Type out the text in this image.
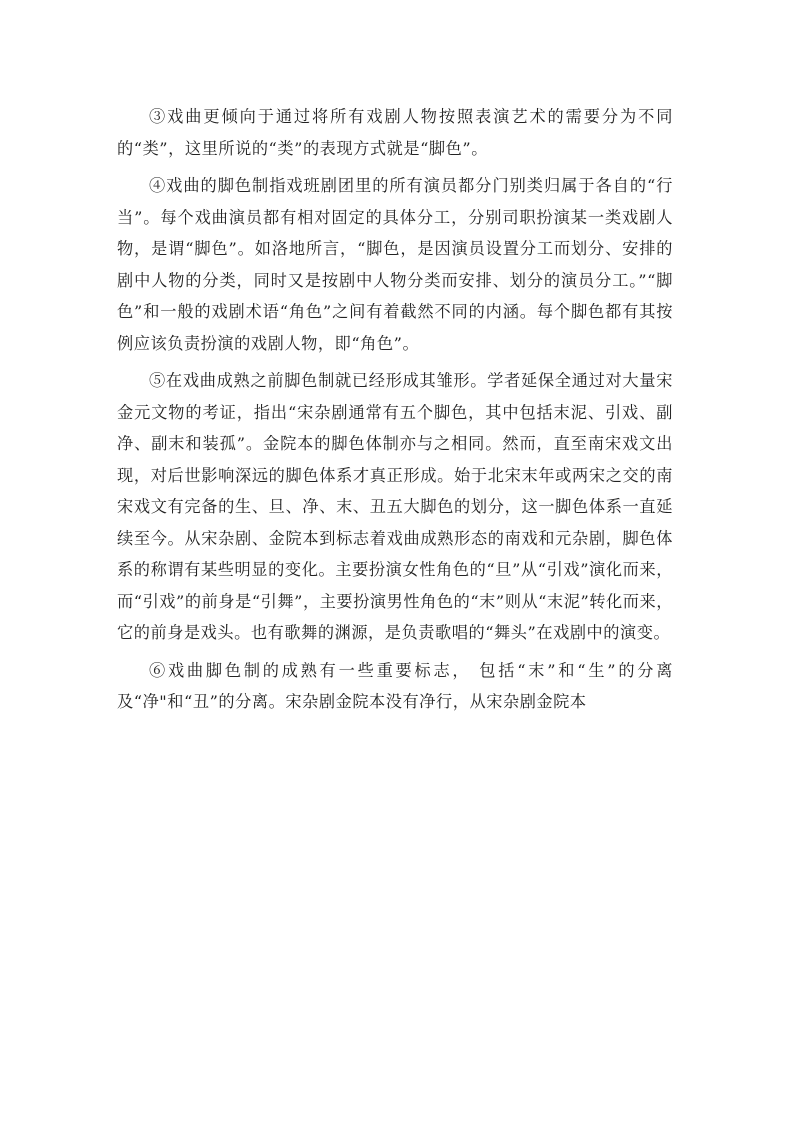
③戏曲更倾向于通过将所有戏剧人物按照表演艺术的需要分为不同的“类”，这里所说的“类”的表现方式就是“脚色”。

④戏曲的脚色制指戏班剧团里的所有演员都分门别类归属于各自的“行当”。每个戏曲演员都有相对固定的具体分工，分别司职扮演某一类戏剧人物，是谓“脚色”。如洛地所言，“脚色，是因演员设置分工而划分、安排的剧中人物的分类，同时又是按剧中人物分类而安排、划分的演员分工。”“脚色”和一般的戏剧术语“角色”之间有着截然不同的内涵。每个脚色都有其按例应该负责扮演的戏剧人物，即“角色”。

⑤在戏曲成熟之前脚色制就已经形成其雏形。学者延保全通过对大量宋金元文物的考证，指出“宋杂剧通常有五个脚色，其中包括末泥、引戏、副净、副末和装孤”。金院本的脚色体制亦与之相同。然而，直至南宋戏文出现，对后世影响深远的脚色体系才真正形成。始于北宋末年或两宋之交的南宋戏文有完备的生、旦、净、末、丑五大脚色的划分，这一脚色体系一直延续至今。从宋杂剧、金院本到标志着戏曲成熟形态的南戏和元杂剧，脚色体系的称谓有某些明显的变化。主要扮演女性角色的“旦”从“引戏”演化而来，而“引戏”的前身是“引舞”，主要扮演男性角色的“末”则从“末泥”转化而来，它的前身是戏头。也有歌舞的渊源，是负责歌唱的“舞头”在戏剧中的演变。

⑥戏曲脚色制的成熟有一些重要标志， 包括“末”和“生”的分离及“净"和“丑”的分离。宋杂剧金院本没有净行，从宋杂剧金院本
